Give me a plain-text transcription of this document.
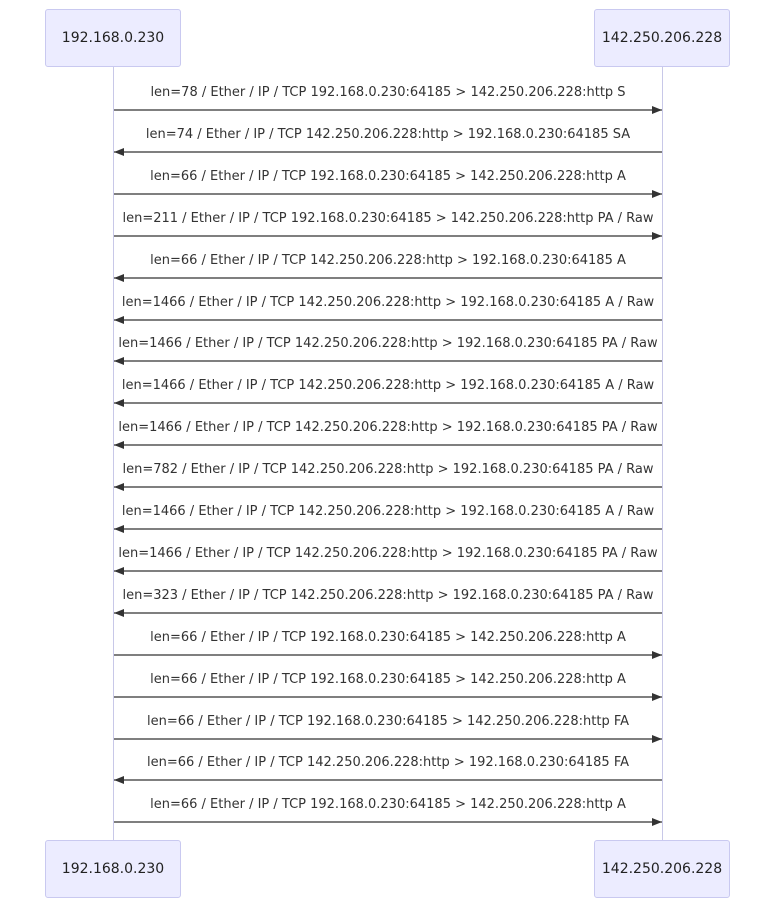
192.168.0.230	142.250.206.228
192.168.0.230	142.250.206.228
len=78 / Ether / IP / TCP 192.168.0.230:64185 > 142.250.206.228:http S
len=74 / Ether / IP / TCP 142.250.206.228:http > 192.168.0.230:64185 SA
len=66 / Ether / IP / TCP 192.168.0.230:64185 > 142.250.206.228:http A
len=211 / Ether / IP / TCP 192.168.0.230:64185 > 142.250.206.228:http PA / Raw
len=66 / Ether / IP / TCP 142.250.206.228:http > 192.168.0.230:64185 A
len=1466 / Ether / IP / TCP 142.250.206.228:http > 192.168.0.230:64185 A / Raw
len=1466 / Ether / IP / TCP 142.250.206.228:http > 192.168.0.230:64185 PA / Raw
len=1466 / Ether / IP / TCP 142.250.206.228:http > 192.168.0.230:64185 A / Raw
len=1466 / Ether / IP / TCP 142.250.206.228:http > 192.168.0.230:64185 PA / Raw
len=782 / Ether / IP / TCP 142.250.206.228:http > 192.168.0.230:64185 PA / Raw
len=1466 / Ether / IP / TCP 142.250.206.228:http > 192.168.0.230:64185 A / Raw
len=1466 / Ether / IP / TCP 142.250.206.228:http > 192.168.0.230:64185 PA / Raw
len=323 / Ether / IP / TCP 142.250.206.228:http > 192.168.0.230:64185 PA / Raw
len=66 / Ether / IP / TCP 192.168.0.230:64185 > 142.250.206.228:http A
len=66 / Ether / IP / TCP 192.168.0.230:64185 > 142.250.206.228:http A
len=66 / Ether / IP / TCP 192.168.0.230:64185 > 142.250.206.228:http FA
len=66 / Ether / IP / TCP 142.250.206.228:http > 192.168.0.230:64185 FA
len=66 / Ether / IP / TCP 192.168.0.230:64185 > 142.250.206.228:http A
